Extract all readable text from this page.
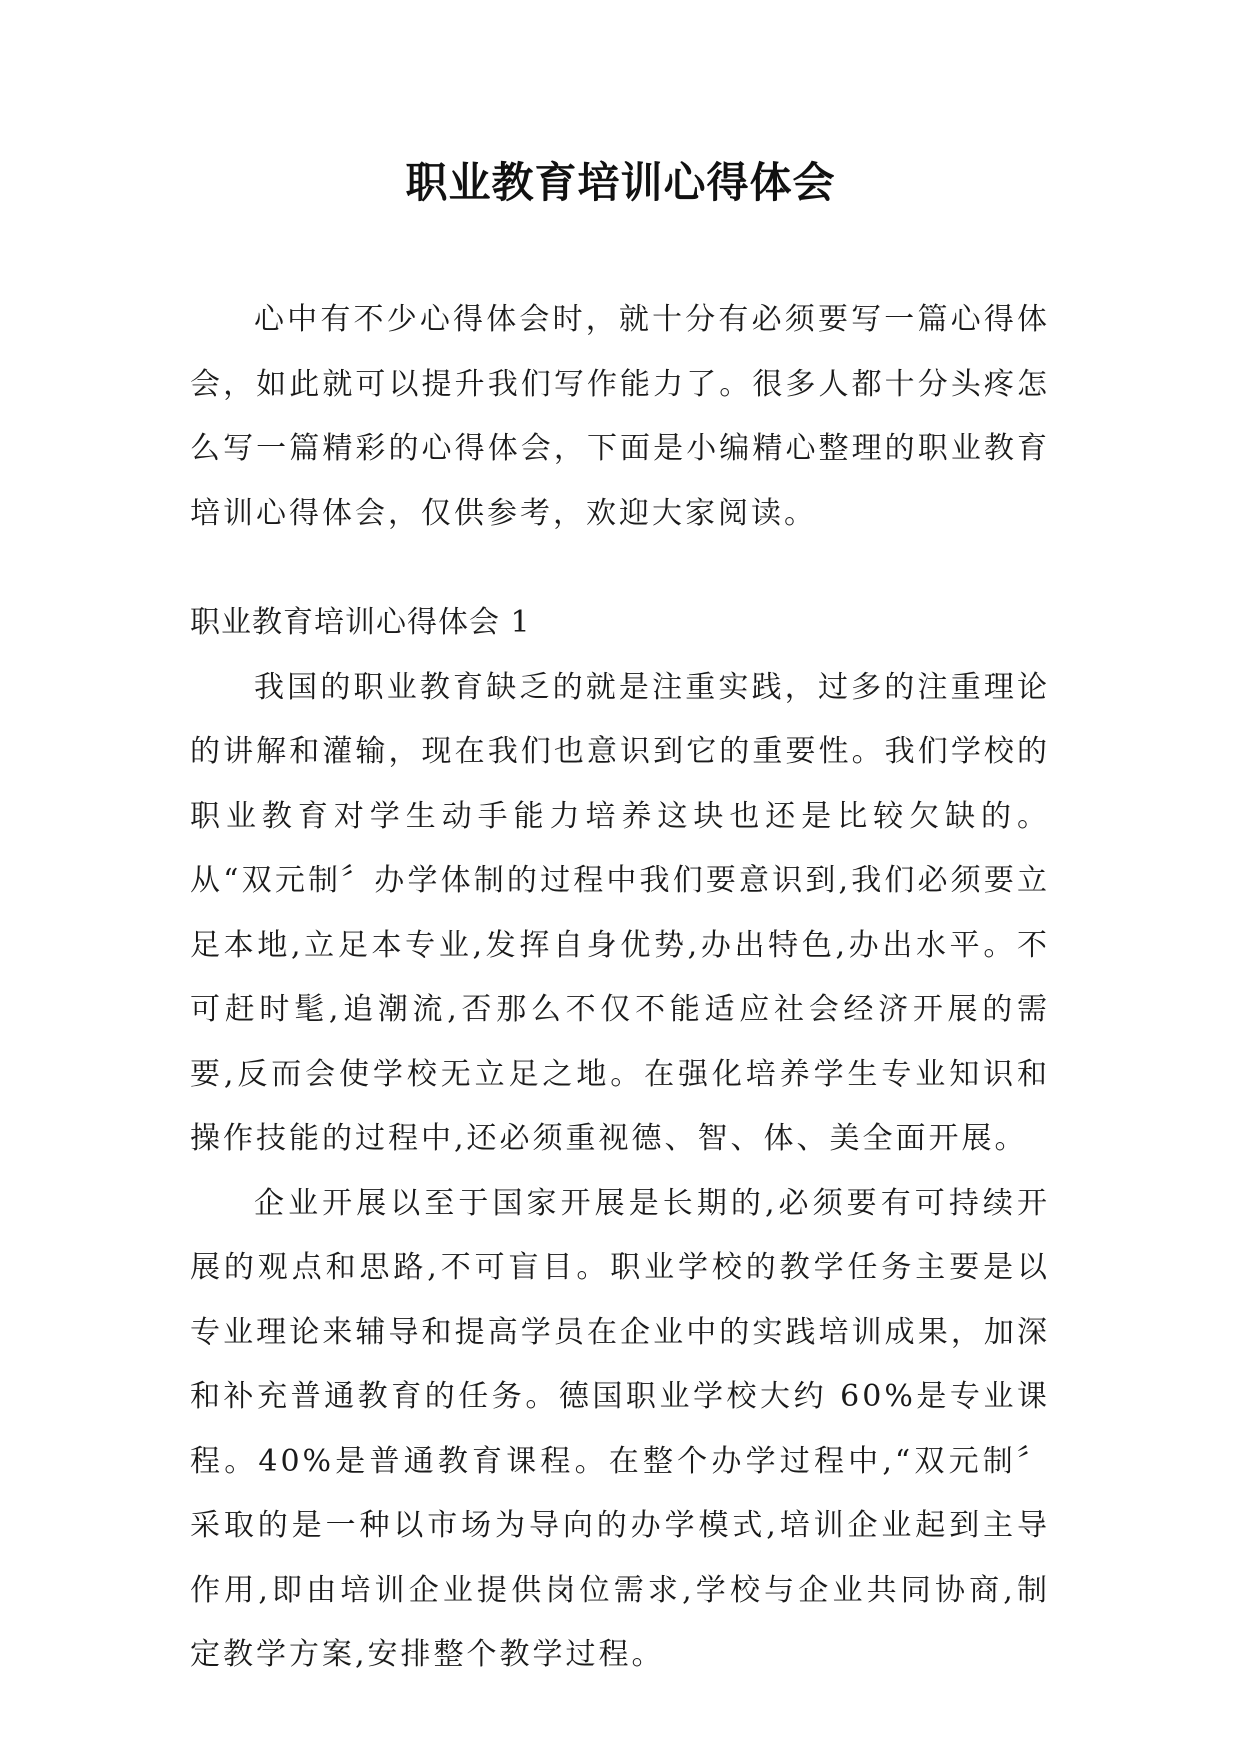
职业教育培训心得体会

心中有不少心得体会时，就十分有必须要写一篇心得体会，如此就可以提升我们写作能力了。很多人都十分头疼怎么写一篇精彩的心得体会，下面是小编精心整理的职业教育培训心得体会，仅供参考，欢迎大家阅读。

职业教育培训心得体会 1

我国的职业教育缺乏的就是注重实践，过多的注重理论的讲解和灌输，现在我们也意识到它的重要性。我们学校的职业教育对学生动手能力培养这块也还是比较欠缺的。从“双元制〞办学体制的过程中我们要意识到,我们必须要立足本地,立足本专业,发挥自身优势,办出特色,办出水平。不可赶时髦,追潮流,否那么不仅不能适应社会经济开展的需要,反而会使学校无立足之地。在强化培养学生专业知识和操作技能的过程中,还必须重视德、智、体、美全面开展。

企业开展以至于国家开展是长期的,必须要有可持续开展的观点和思路,不可盲目。职业学校的教学任务主要是以专业理论来辅导和提高学员在企业中的实践培训成果，加深和补充普通教育的任务。德国职业学校大约 60%是专业课程。40%是普通教育课程。在整个办学过程中,“双元制〞采取的是一种以市场为导向的办学模式,培训企业起到主导作用,即由培训企业提供岗位需求,学校与企业共同协商,制定教学方案,安排整个教学过程。
